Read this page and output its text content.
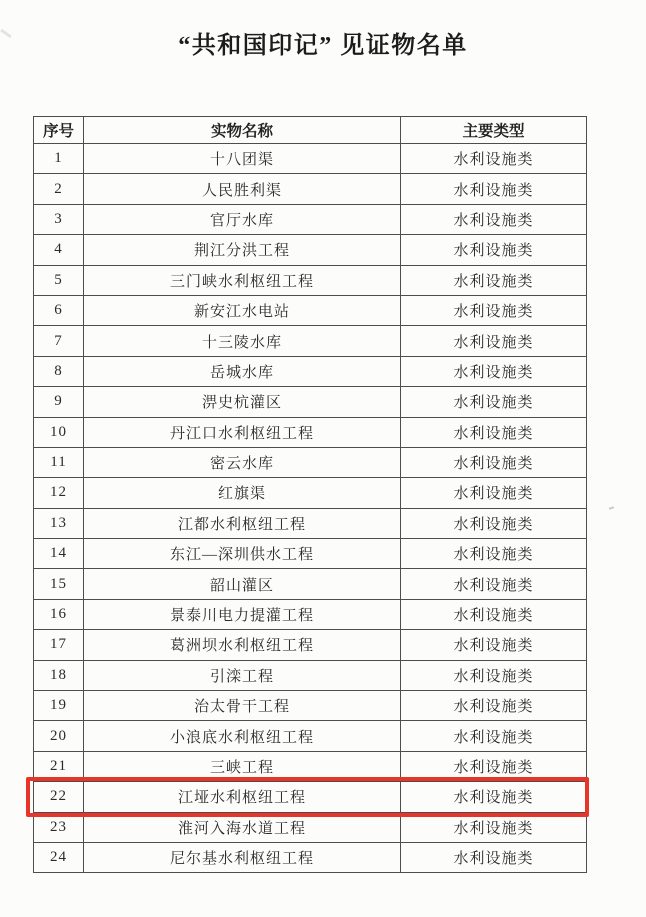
“共和国印记” 见证物名单
序号	实物名称	主要类型
1	十八团渠	水利设施类
2	人民胜利渠	水利设施类
3	官厅水库	水利设施类
4	荆江分洪工程	水利设施类
5	三门峡水利枢纽工程	水利设施类
6	新安江水电站	水利设施类
7	十三陵水库	水利设施类
8	岳城水库	水利设施类
9	淠史杭灌区	水利设施类
10	丹江口水利枢纽工程	水利设施类
11	密云水库	水利设施类
12	红旗渠	水利设施类
13	江都水利枢纽工程	水利设施类
14	东江—深圳供水工程	水利设施类
15	韶山灌区	水利设施类
16	景泰川电力提灌工程	水利设施类
17	葛洲坝水利枢纽工程	水利设施类
18	引滦工程	水利设施类
19	治太骨干工程	水利设施类
20	小浪底水利枢纽工程	水利设施类
21	三峡工程	水利设施类
22	江垭水利枢纽工程	水利设施类
23	淮河入海水道工程	水利设施类
24	尼尔基水利枢纽工程	水利设施类
